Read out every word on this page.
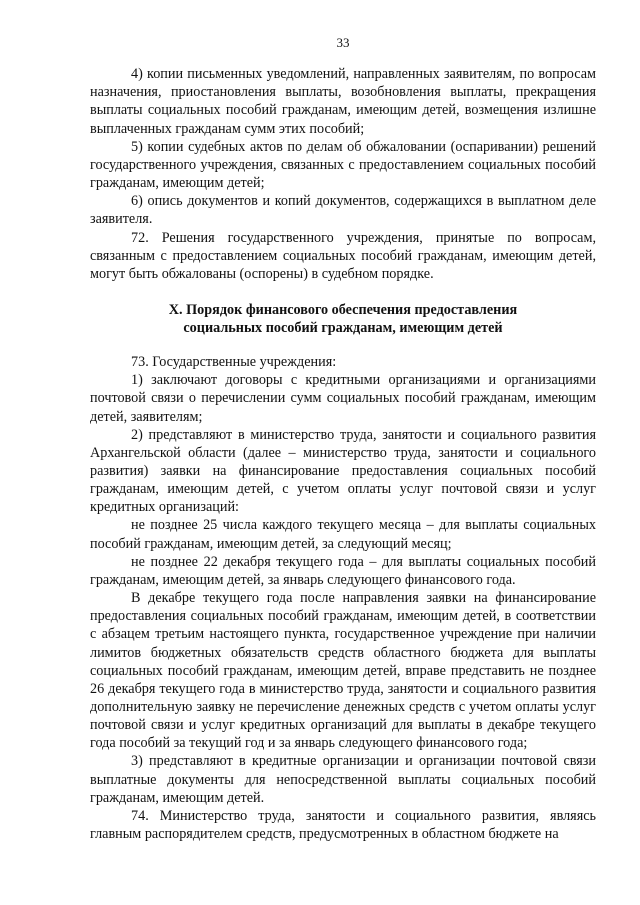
33

4) копии письменных уведомлений, направленных заявителям, по вопросам назначения, приостановления выплаты, возобновления выплаты, прекращения выплаты социальных пособий гражданам, имеющим детей, возмещения излишне выплаченных гражданам сумм этих пособий;

5) копии судебных актов по делам об обжаловании (оспаривании) решений государственного учреждения, связанных с предоставлением социальных пособий гражданам, имеющим детей;

6) опись документов и копий документов, содержащихся в выплатном деле заявителя.

72. Решения государственного учреждения, принятые по вопросам, связанным с предоставлением социальных пособий гражданам, имеющим детей, могут быть обжалованы (оспорены) в судебном порядке.

X. Порядок финансового обеспечения предоставления
социальных пособий гражданам, имеющим детей

73. Государственные учреждения:

1) заключают договоры с кредитными организациями и организациями почтовой связи о перечислении сумм социальных пособий гражданам, имеющим детей, заявителям;

2) представляют в министерство труда, занятости и социального развития Архангельской области (далее – министерство труда, занятости и социального развития) заявки на финансирование предоставления социальных пособий гражданам, имеющим детей, с учетом оплаты услуг почтовой связи и услуг кредитных организаций:

не позднее 25 числа каждого текущего месяца – для выплаты социальных пособий гражданам, имеющим детей, за следующий месяц;

не позднее 22 декабря текущего года – для выплаты социальных пособий гражданам, имеющим детей, за январь следующего финансового года.

В декабре текущего года после направления заявки на финансирование предоставления социальных пособий гражданам, имеющим детей, в соответствии с абзацем третьим настоящего пункта, государственное учреждение при наличии лимитов бюджетных обязательств средств областного бюджета для выплаты социальных пособий гражданам, имеющим детей, вправе представить не позднее 26 декабря текущего года в министерство труда, занятости и социального развития дополнительную заявку не перечисление денежных средств с учетом оплаты услуг почтовой связи и услуг кредитных организаций для выплаты в декабре текущего года пособий за текущий год и за январь следующего финансового года;

3) представляют в кредитные организации и организации почтовой связи выплатные документы для непосредственной выплаты социальных пособий гражданам, имеющим детей.

74. Министерство труда, занятости и социального развития, являясь главным распорядителем средств, предусмотренных в областном бюджете на
